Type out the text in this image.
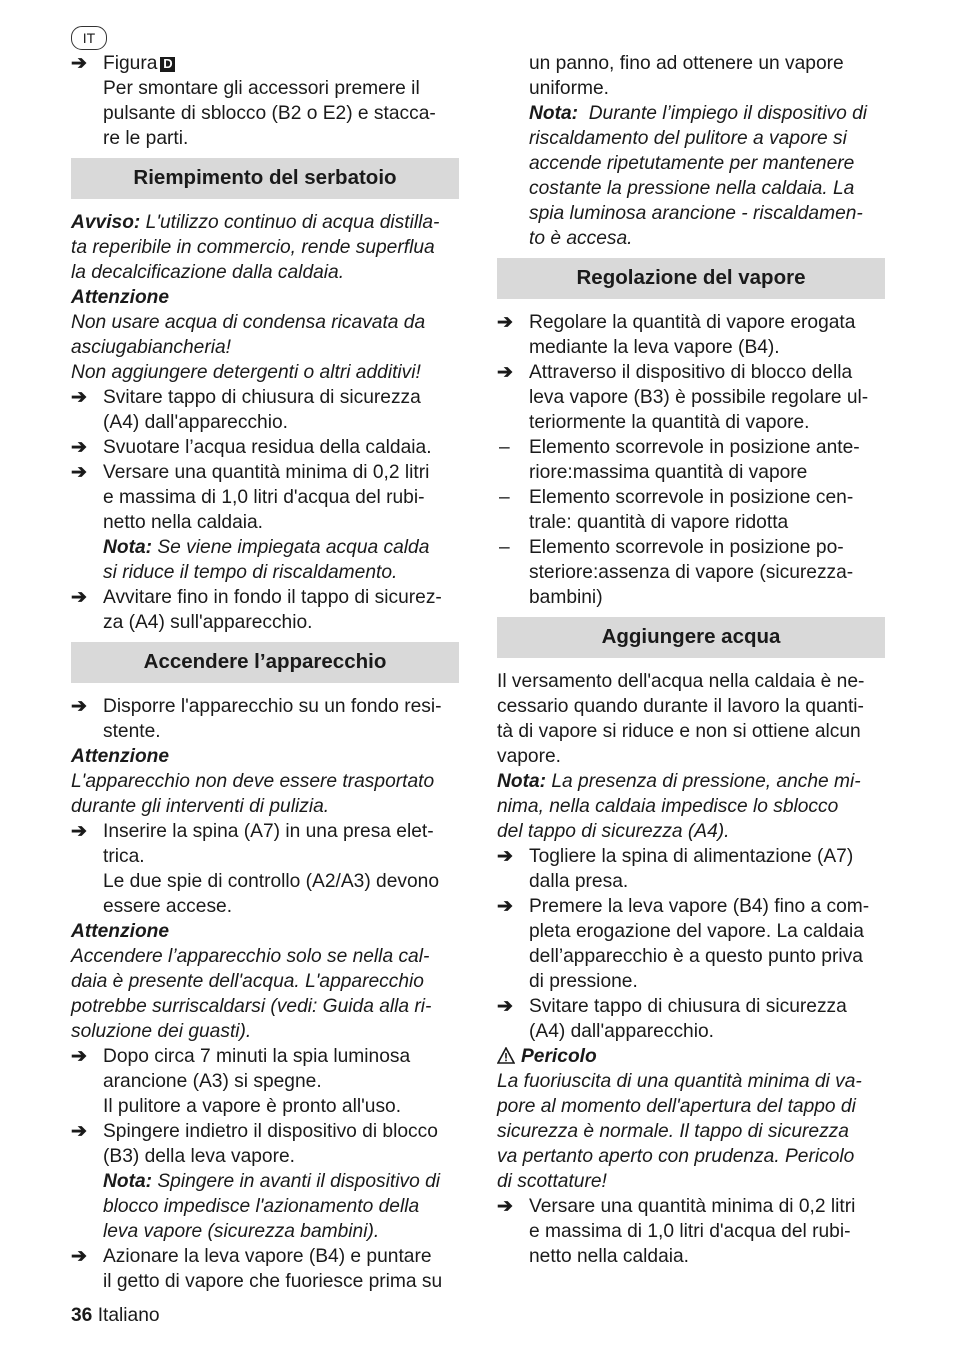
IT
➔ Figura D
Per smontare gli accessori premere il
pulsante di sblocco (B2 o E2) e stacca-
re le parti.
Riempimento del serbatoio

Avviso: L'utilizzo continuo di acqua distilla-
ta reperibile in commercio, rende superflua
la decalcificazione dalla caldaia.

Attenzione

Non usare acqua di condensa ricavata da
asciugabiancheria!
Non aggiungere detergenti o altri additivi!

➔ Svitare tappo di chiusura di sicurezza
(A4) dall'apparecchio.
➔ Svuotare l’acqua residua della caldaia.
➔ Versare una quantità minima di 0,2 litri
e massima di 1,0 litri d'acqua del rubi-
netto nella caldaia.

Nota: Se viene impiegata acqua calda
si riduce il tempo di riscaldamento.

➔ Avvitare fino in fondo il tappo di sicurez-
za (A4) sull'apparecchio.
Accendere l’apparecchio
➔ Disporre l'apparecchio su un fondo resi-
stente.

Attenzione

L'apparecchio non deve essere trasportato
durante gli interventi di pulizia.

➔ Inserire la spina (A7) in una presa elet-
trica.

Le due spie di controllo (A2/A3) devono
essere accese.

Attenzione

Accendere l’apparecchio solo se nella cal-
daia è presente dell'acqua. L'apparecchio
potrebbe surriscaldarsi (vedi: Guida alla ri-
soluzione dei guasti).

➔ Dopo circa 7 minuti la spia luminosa
arancione (A3) si spegne.

Il pulitore a vapore è pronto all'uso.

➔ Spingere indietro il dispositivo di blocco
(B3) della leva vapore.

Nota: Spingere in avanti il dispositivo di
blocco impedisce l'azionamento della
leva vapore (sicurezza bambini).

➔ Azionare la leva vapore (B4) e puntare
il getto di vapore che fuoriesce prima su

un panno, fino ad ottenere un vapore
uniforme.

Nota:  Durante l’impiego il dispositivo di
riscaldamento del pulitore a vapore si
accende ripetutamente per mantenere
costante la pressione nella caldaia. La
spia luminosa arancione - riscaldamen-
to è accesa.

Regolazione del vapore
➔ Regolare la quantità di vapore erogata
mediante la leva vapore (B4).
➔ Attraverso il dispositivo di blocco della
leva vapore (B3) è possibile regolare ul-
teriormente la quantità di vapore.
– Elemento scorrevole in posizione ante-
riore:massima quantità di vapore
– Elemento scorrevole in posizione cen-
trale: quantità di vapore ridotta
– Elemento scorrevole in posizione po-
steriore:assenza di vapore (sicurezza-
bambini)
Aggiungere acqua

Il versamento dell'acqua nella caldaia è ne-
cessario quando durante il lavoro la quanti-
tà di vapore si riduce e non si ottiene alcun
vapore.

Nota: La presenza di pressione, anche mi-
nima, nella caldaia impedisce lo sblocco
del tappo di sicurezza (A4).

➔ Togliere la spina di alimentazione (A7)
dalla presa.
➔ Premere la leva vapore (B4) fino a com-
pleta erogazione del vapore. La caldaia
dell’apparecchio è a questo punto priva
di pressione.
➔ Svitare tappo di chiusura di sicurezza
(A4) dall'apparecchio.

Pericolo

La fuoriuscita di una quantità minima di va-
pore al momento dell'apertura del tappo di
sicurezza è normale. Il tappo di sicurezza
va pertanto aperto con prudenza. Pericolo
di scottature!

➔ Versare una quantità minima di 0,2 litri
e massima di 1,0 litri d'acqua del rubi-
netto nella caldaia.
36 Italiano
